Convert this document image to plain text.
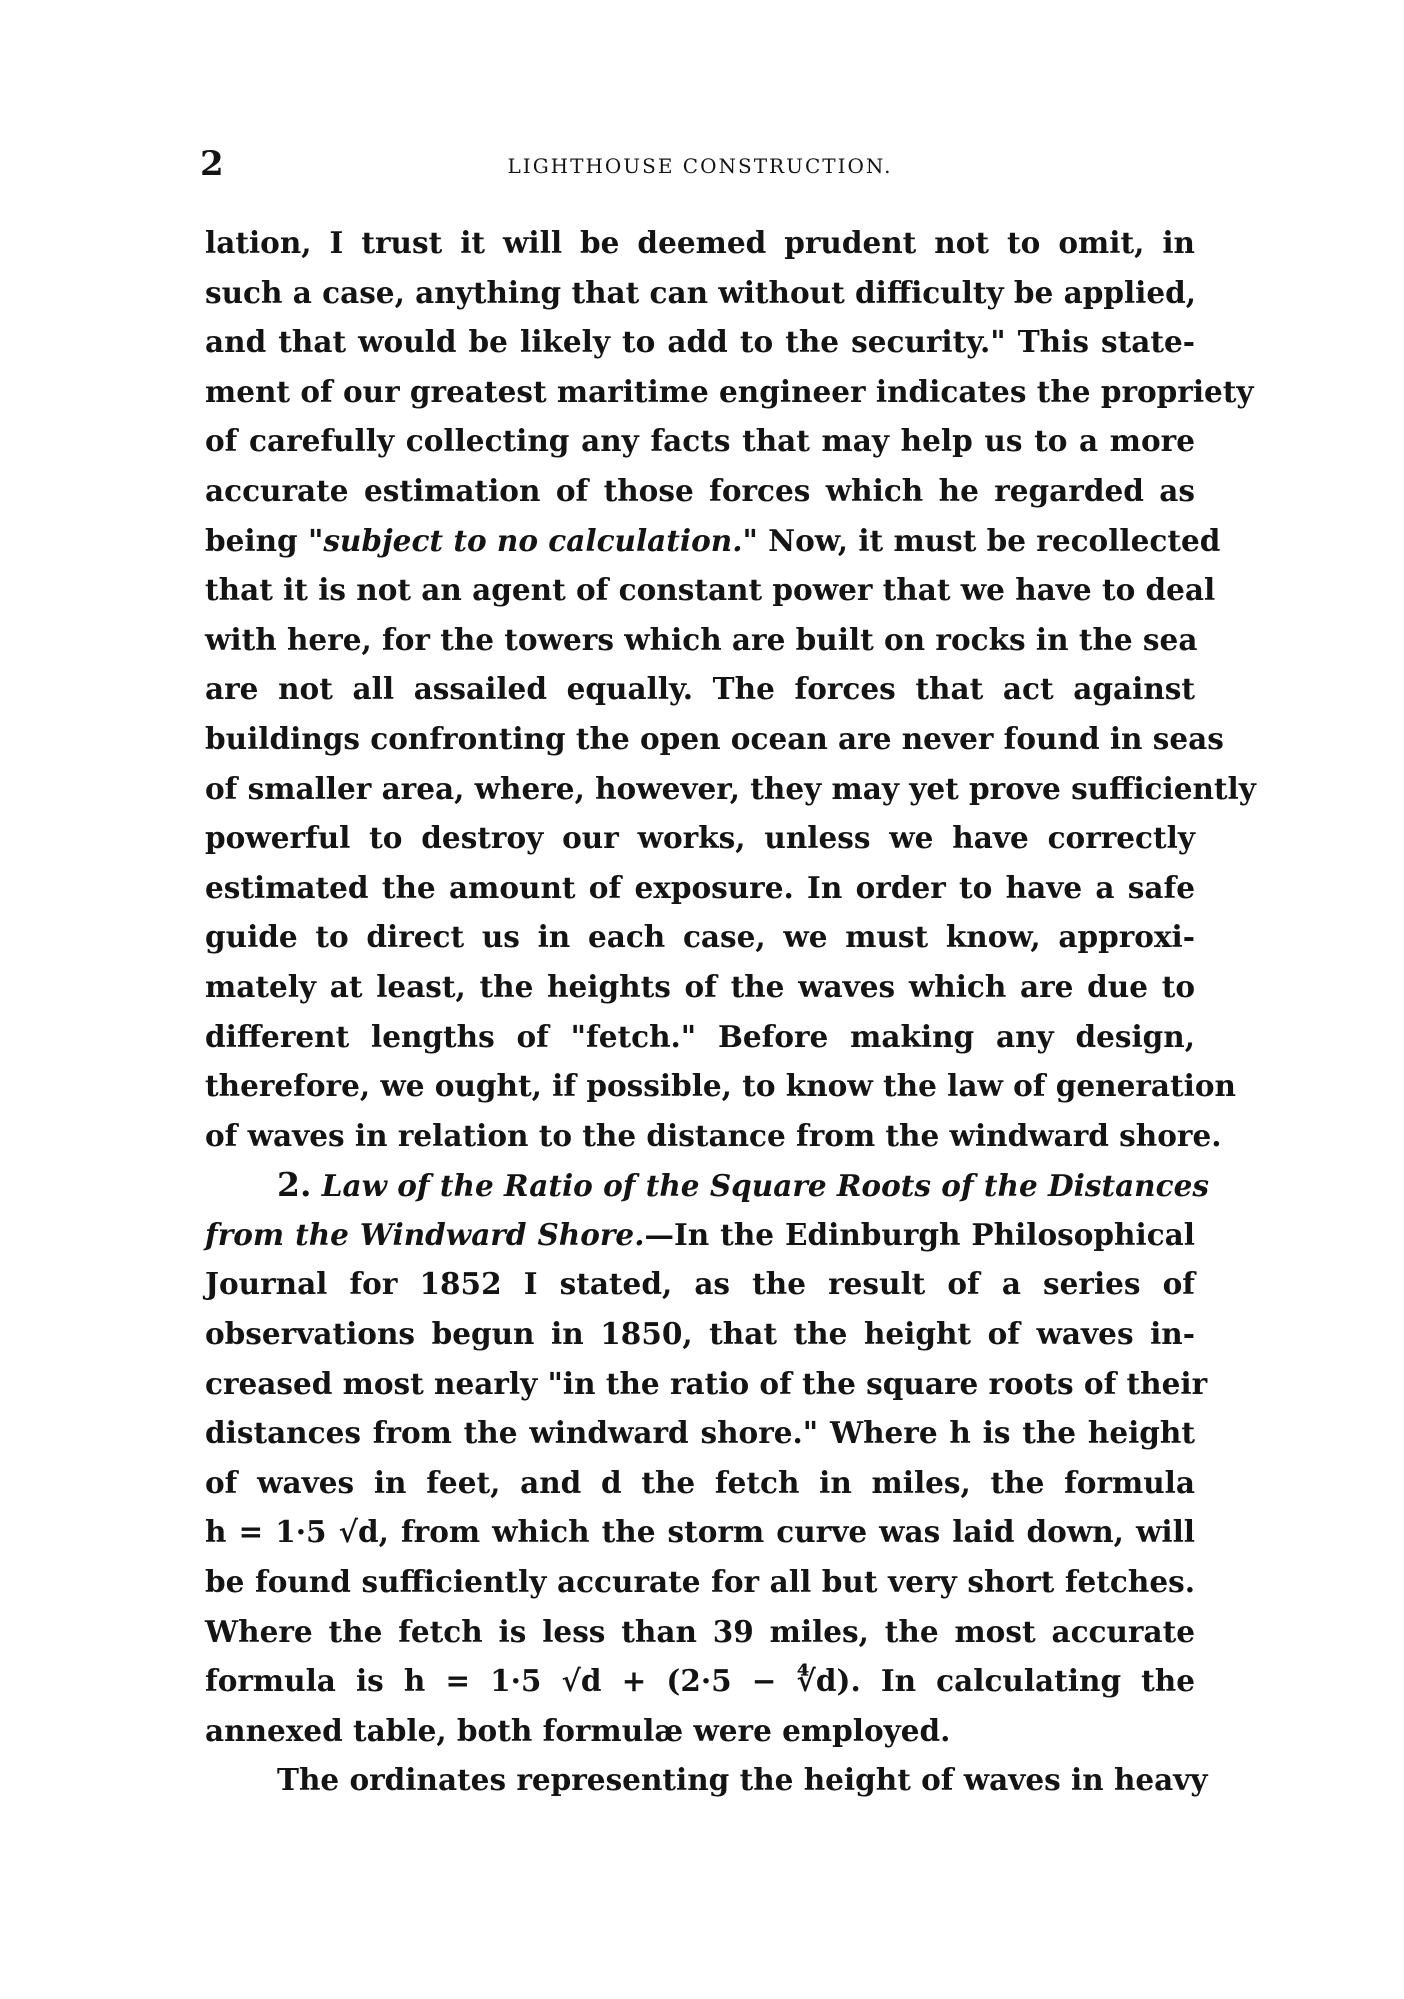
2	LIGHTHOUSE CONSTRUCTION.
lation, I trust it will be deemed prudent not to omit, in
such a case, anything that can without difficulty be applied,
and that would be likely to add to the security." This state-
ment of our greatest maritime engineer indicates the propriety
of carefully collecting any facts that may help us to a more
accurate estimation of those forces which he regarded as
being "subject to no calculation." Now, it must be recollected
that it is not an agent of constant power that we have to deal
with here, for the towers which are built on rocks in the sea
are not all assailed equally. The forces that act against
buildings confronting the open ocean are never found in seas
of smaller area, where, however, they may yet prove sufficiently
powerful to destroy our works, unless we have correctly
estimated the amount of exposure. In order to have a safe
guide to direct us in each case, we must know, approxi-
mately at least, the heights of the waves which are due to
different lengths of "fetch." Before making any design,
therefore, we ought, if possible, to know the law of generation
of waves in relation to the distance from the windward shore.
2. Law of the Ratio of the Square Roots of the Distances
from the Windward Shore.—In the Edinburgh Philosophical
Journal for 1852 I stated, as the result of a series of
observations begun in 1850, that the height of waves in-
creased most nearly "in the ratio of the square roots of their
distances from the windward shore." Where h is the height
of waves in feet, and d the fetch in miles, the formula
h = 1·5 √d, from which the storm curve was laid down, will
be found sufficiently accurate for all but very short fetches.
Where the fetch is less than 39 miles, the most accurate
formula is h = 1·5 √d + (2·5 − ∜d). In calculating the
annexed table, both formulæ were employed.
The ordinates representing the height of waves in heavy
